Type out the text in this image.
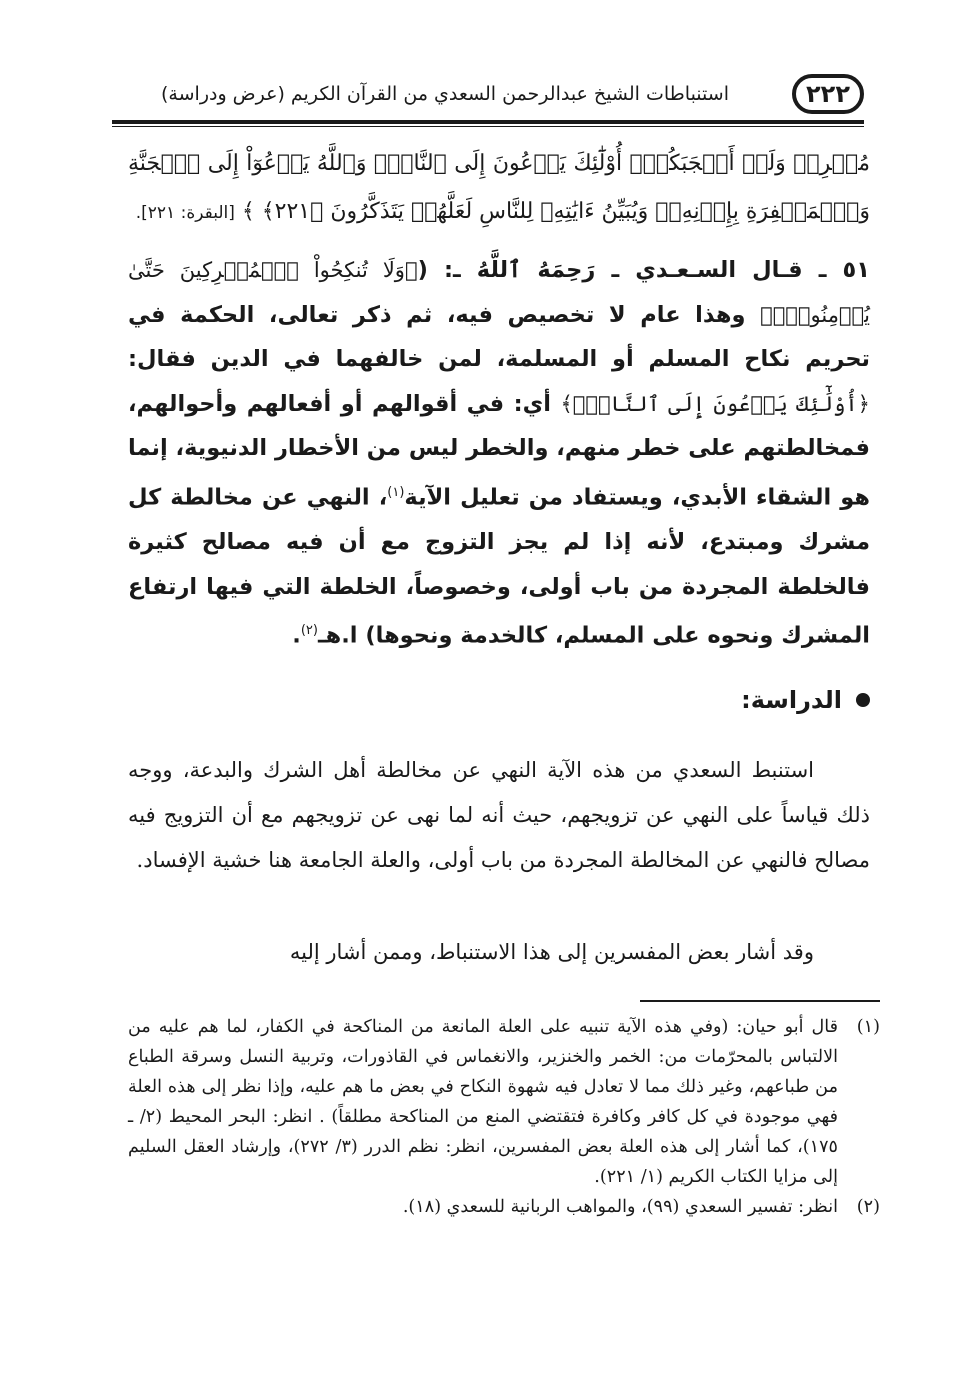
٢٢٢
استنباطات الشيخ عبدالرحمن السعدي من القرآن الكريم (عرض ودراسة)
مُشۡرِكٖ وَلَوۡ أَعۡجَبَكُمۡۗ أُوْلَٰٓئِكَ يَدۡعُونَ إِلَى ٱلنَّارِۖ وَٱللَّهُ يَدۡعُوٓاْ إِلَى ٱلۡجَنَّةِ وَٱلۡمَغۡفِرَةِ بِإِذۡنِهِۦۖ وَيُبَيِّنُ ءَايَٰتِهِۦ لِلنَّاسِ لَعَلَّهُمۡ يَتَذَكَّرُونَ ﴿٢٢١﴾ ﴾ [البقرة: ٢٢١].
٥١ ـ قـال السـعـدي ـ رَحِمَهُ ٱللَّهُ ـ: (﴿وَلَا تُنكِحُواْ ٱلۡمُشۡرِكِينَ حَتَّىٰ يُؤۡمِنُواْۚ﴾ وهذا عام لا تخصيص فيه، ثم ذكر تعالى، الحكمة في تحريم نكاح المسلم أو المسلمة، لمن خالفهما في الدين فقال: ﴿أُوْلَٰٓئِكَ يَدۡعُونَ إِلَى ٱلنَّارِۖ﴾ أي: في أقوالهم أو أفعالهم وأحوالهم، فمخالطتهم على خطر منهم، والخطر ليس من الأخطار الدنيوية، إنما هو الشقاء الأبدي، ويستفاد من تعليل الآية$^{(١)}$، النهي عن مخالطة كل مشرك ومبتدع، لأنه إذا لم يجز التزوج مع أن فيه مصالح كثيرة فالخلطة المجردة من باب أولى، وخصوصاً، الخلطة التي فيها ارتفاع المشرك ونحوه على المسلم، كالخدمة ونحوها) ا.هـ$^{(٢)}$.
الدراسة:

استنبط السعدي من هذه الآية النهي عن مخالطة أهل الشرك والبدعة، ووجه ذلك قياساً على النهي عن تزويجهم، حيث أنه لما نهى عن تزويجهم مع أن التزويج فيه مصالح فالنهي عن المخالطة المجردة من باب أولى، والعلة الجامعة هنا خشية الإفساد.

وقد أشار بعض المفسرين إلى هذا الاستنباط، وممن أشار إليه

(١)
قال أبو حيان: (وفي هذه الآية تنبيه على العلة المانعة من المناكحة في الكفار، لما هم عليه من الالتباس بالمحرّمات من: الخمر والخنزير، والانغماس في القاذورات، وتربية النسل وسرقة الطباع من طباعهم، وغير ذلك مما لا تعادل فيه شهوة النكاح في بعض ما هم عليه، وإذا نظر إلى هذه العلة فهي موجودة في كل كافر وكافرة فتقتضي المنع من المناكحة مطلقاً) . انظر: البحر المحيط (٢/ ـ ١٧٥)، كما أشار إلى هذه العلة بعض المفسرين، انظر: نظم الدرر (٣/ ٢٧٢)، وإرشاد العقل السليم إلى مزايا الكتاب الكريم (١/ ٢٢١).
(٢)
انظر: تفسير السعدي (٩٩)، والمواهب الربانية للسعدي (١٨).
